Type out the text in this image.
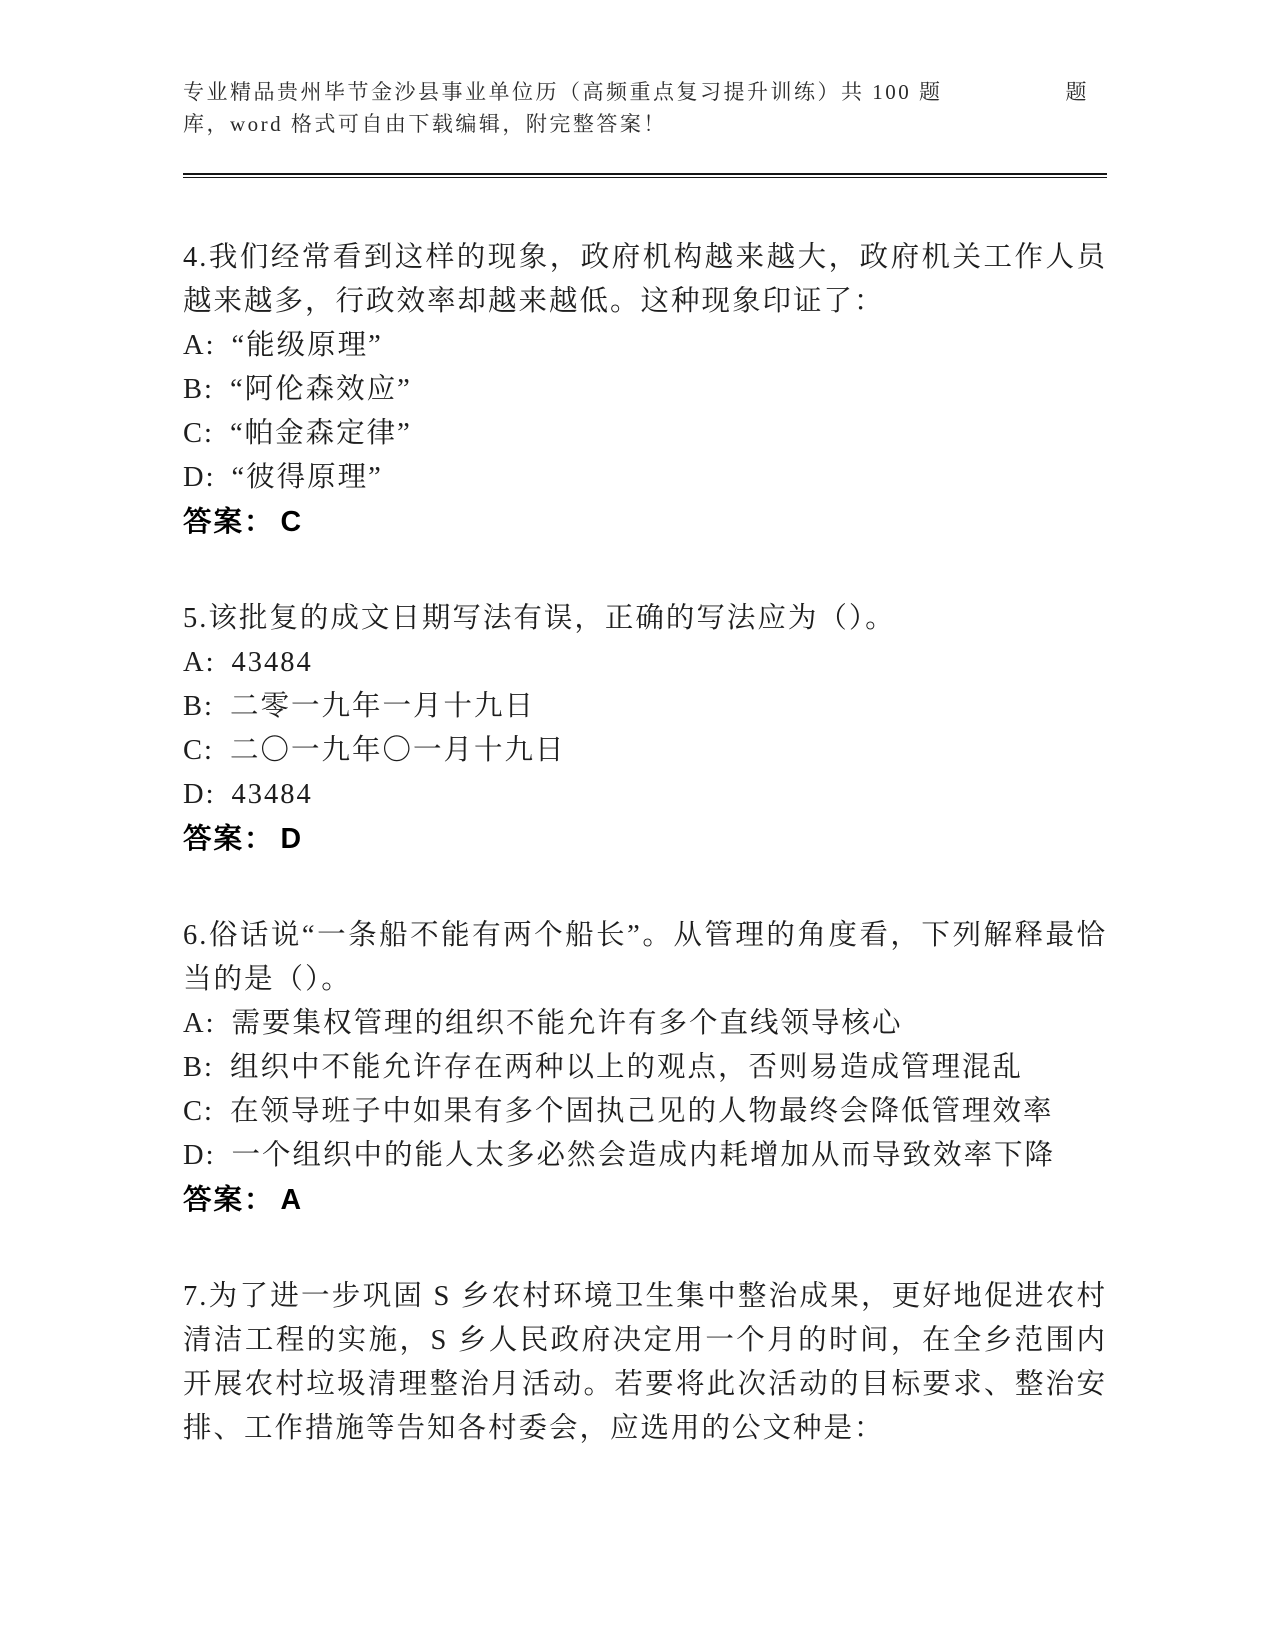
专业精品贵州毕节金沙县事业单位历（高频重点复习提升训练）共 100 题	题
库，word 格式可自由下载编辑，附完整答案！

4.我们经常看到这样的现象，政府机构越来越大，政府机关工作人员越来越多，行政效率却越来越低。这种现象印证了：

A: “能级原理”

B: “阿伦森效应”

C: “帕金森定律”

D: “彼得原理”

答案： C

5.该批复的成文日期写法有误，正确的写法应为（）。

A: 43484

B: 二零一九年一月十九日

C: 二〇一九年〇一月十九日

D: 43484

答案： D

6.俗话说“一条船不能有两个船长”。从管理的角度看，下列解释最恰当的是（）。

A: 需要集权管理的组织不能允许有多个直线领导核心

B: 组织中不能允许存在两种以上的观点，否则易造成管理混乱

C: 在领导班子中如果有多个固执己见的人物最终会降低管理效率

D: 一个组织中的能人太多必然会造成内耗增加从而导致效率下降

答案： A

7.为了进一步巩固 S 乡农村环境卫生集中整治成果，更好地促进农村清洁工程的实施，S 乡人民政府决定用一个月的时间，在全乡范围内开展农村垃圾清理整治月活动。若要将此次活动的目标要求、整治安排、工作措施等告知各村委会，应选用的公文种是：
